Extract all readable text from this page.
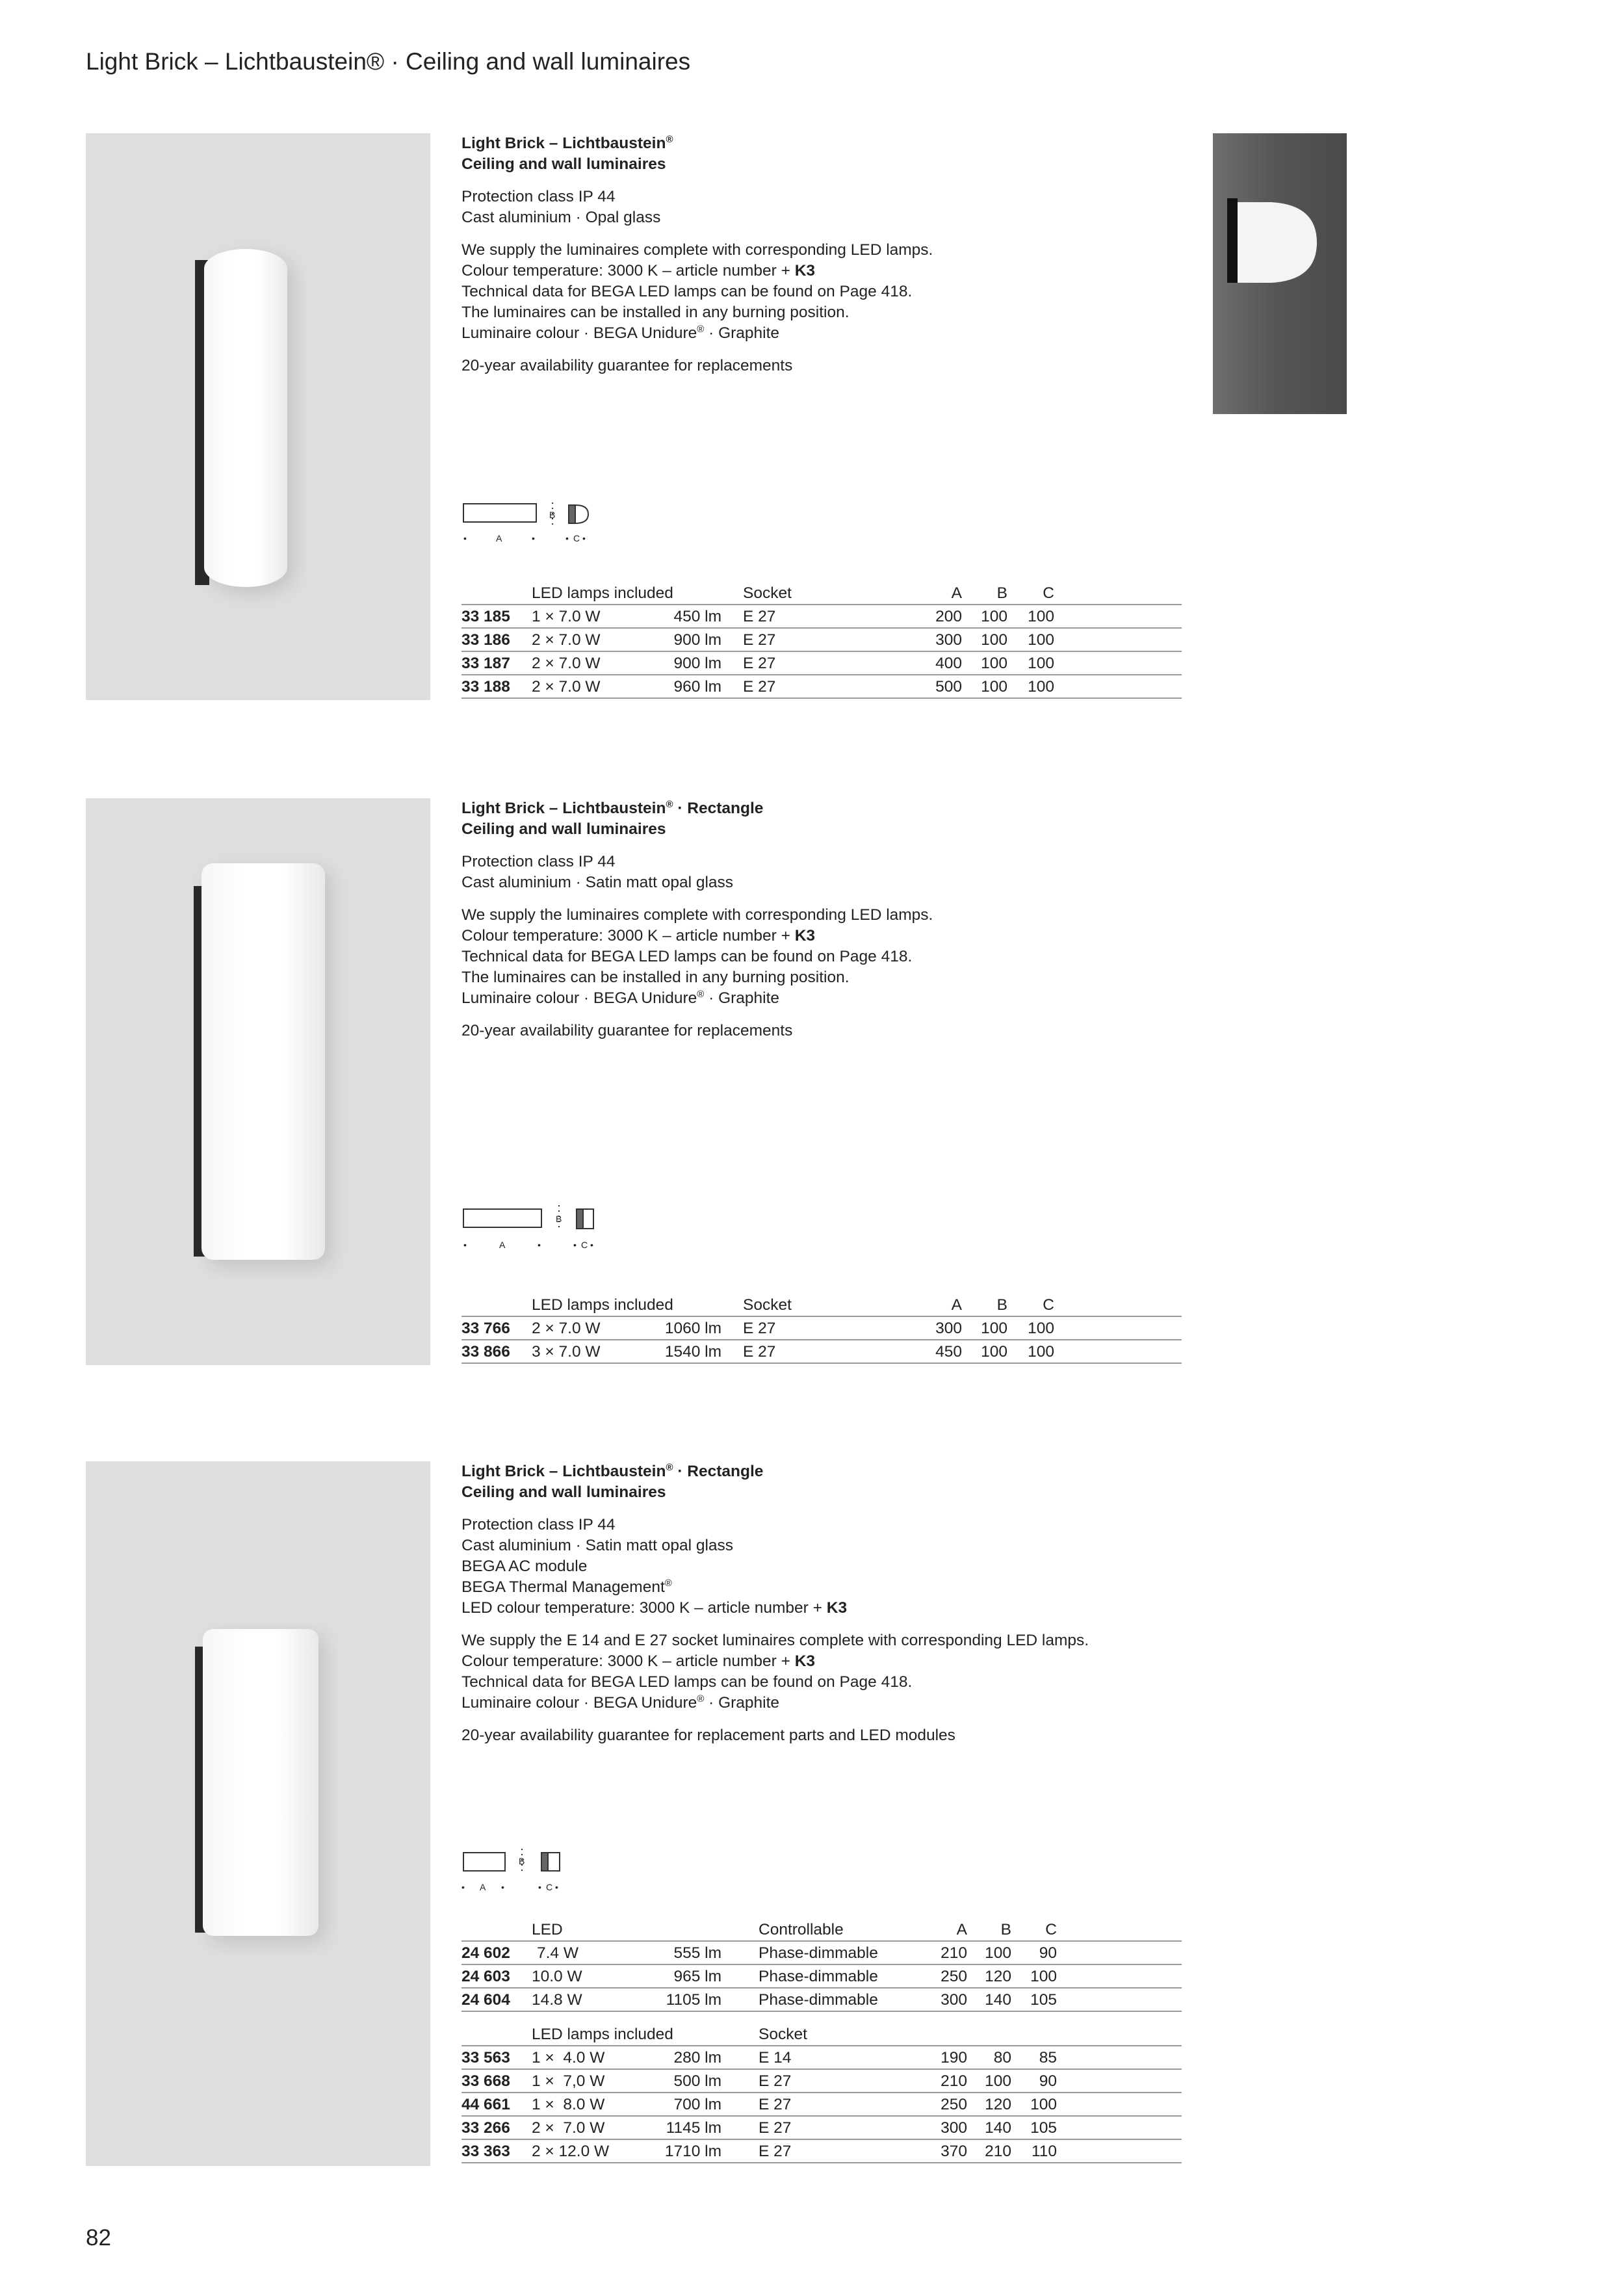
Light Brick – Lichtbaustein® · Ceiling and wall luminaires
Light Brick – Lichtbaustein®
Ceiling and wall luminaires

Protection class IP 44
Cast aluminium · Opal glass

We supply the luminaires complete with corresponding LED lamps.
Colour temperature: 3000 K – article number + K3
Technical data for BEGA LED lamps can be found on Page 418.
The luminaires can be installed in any burning position.
Luminaire colour · BEGA Unidure® · Graphite

20-year availability guarantee for replacements

B
•	A	•	• C •
LED lamps included	Socket	A	B	C
33 185 1 × 7.0 W	450 lm E 27	200	100	100
33 186 2 × 7.0 W	900 lm E 27	300	100	100
33 187 2 × 7.0 W	900 lm E 27	400	100	100
33 188 2 × 7.0 W	960 lm E 27	500	100	100
Light Brick – Lichtbaustein® · Rectangle
Ceiling and wall luminaires

Protection class IP 44
Cast aluminium · Satin matt opal glass

We supply the luminaires complete with corresponding LED lamps.
Colour temperature: 3000 K – article number + K3
Technical data for BEGA LED lamps can be found on Page 418.
The luminaires can be installed in any burning position.
Luminaire colour · BEGA Unidure® · Graphite

20-year availability guarantee for replacements

B
•	A	•	• C •
LED lamps included	Socket	A	B	C
33 766 2 × 7.0 W	1060 lm E 27	300	100	100
33 866 3 × 7.0 W	1540 lm E 27	450	100	100
Light Brick – Lichtbaustein® · Rectangle
Ceiling and wall luminaires

Protection class IP 44
Cast aluminium · Satin matt opal glass
BEGA AC module
BEGA Thermal Management®
LED colour temperature: 3000 K – article number + K3

We supply the E 14 and E 27 socket luminaires complete with corresponding LED lamps.
Colour temperature: 3000 K – article number + K3
Technical data for BEGA LED lamps can be found on Page 418.
Luminaire colour · BEGA Unidure® · Graphite

20-year availability guarantee for replacement parts and LED modules

B
• A •	• C •
LED	Controllable	A	B	C
24 602	7.4 W	555 lm Phase-dimmable	210	100	90
24 603 10.0 W	965 lm Phase-dimmable	250	120	100
24 604 14.8 W	1105 lm Phase-dimmable	300	140	105
LED lamps included	Socket
33 563 1 ×  4.0 W	280 lm E 14	190	80	85
33 668 1 ×  7,0 W	500 lm E 27	210	100	90
44 661 1 ×  8.0 W	700 lm E 27	250	120	100
33 266 2 ×  7.0 W	1145 lm E 27	300	140	105
33 363 2 × 12.0 W	1710 lm E 27	370	210	110
82
